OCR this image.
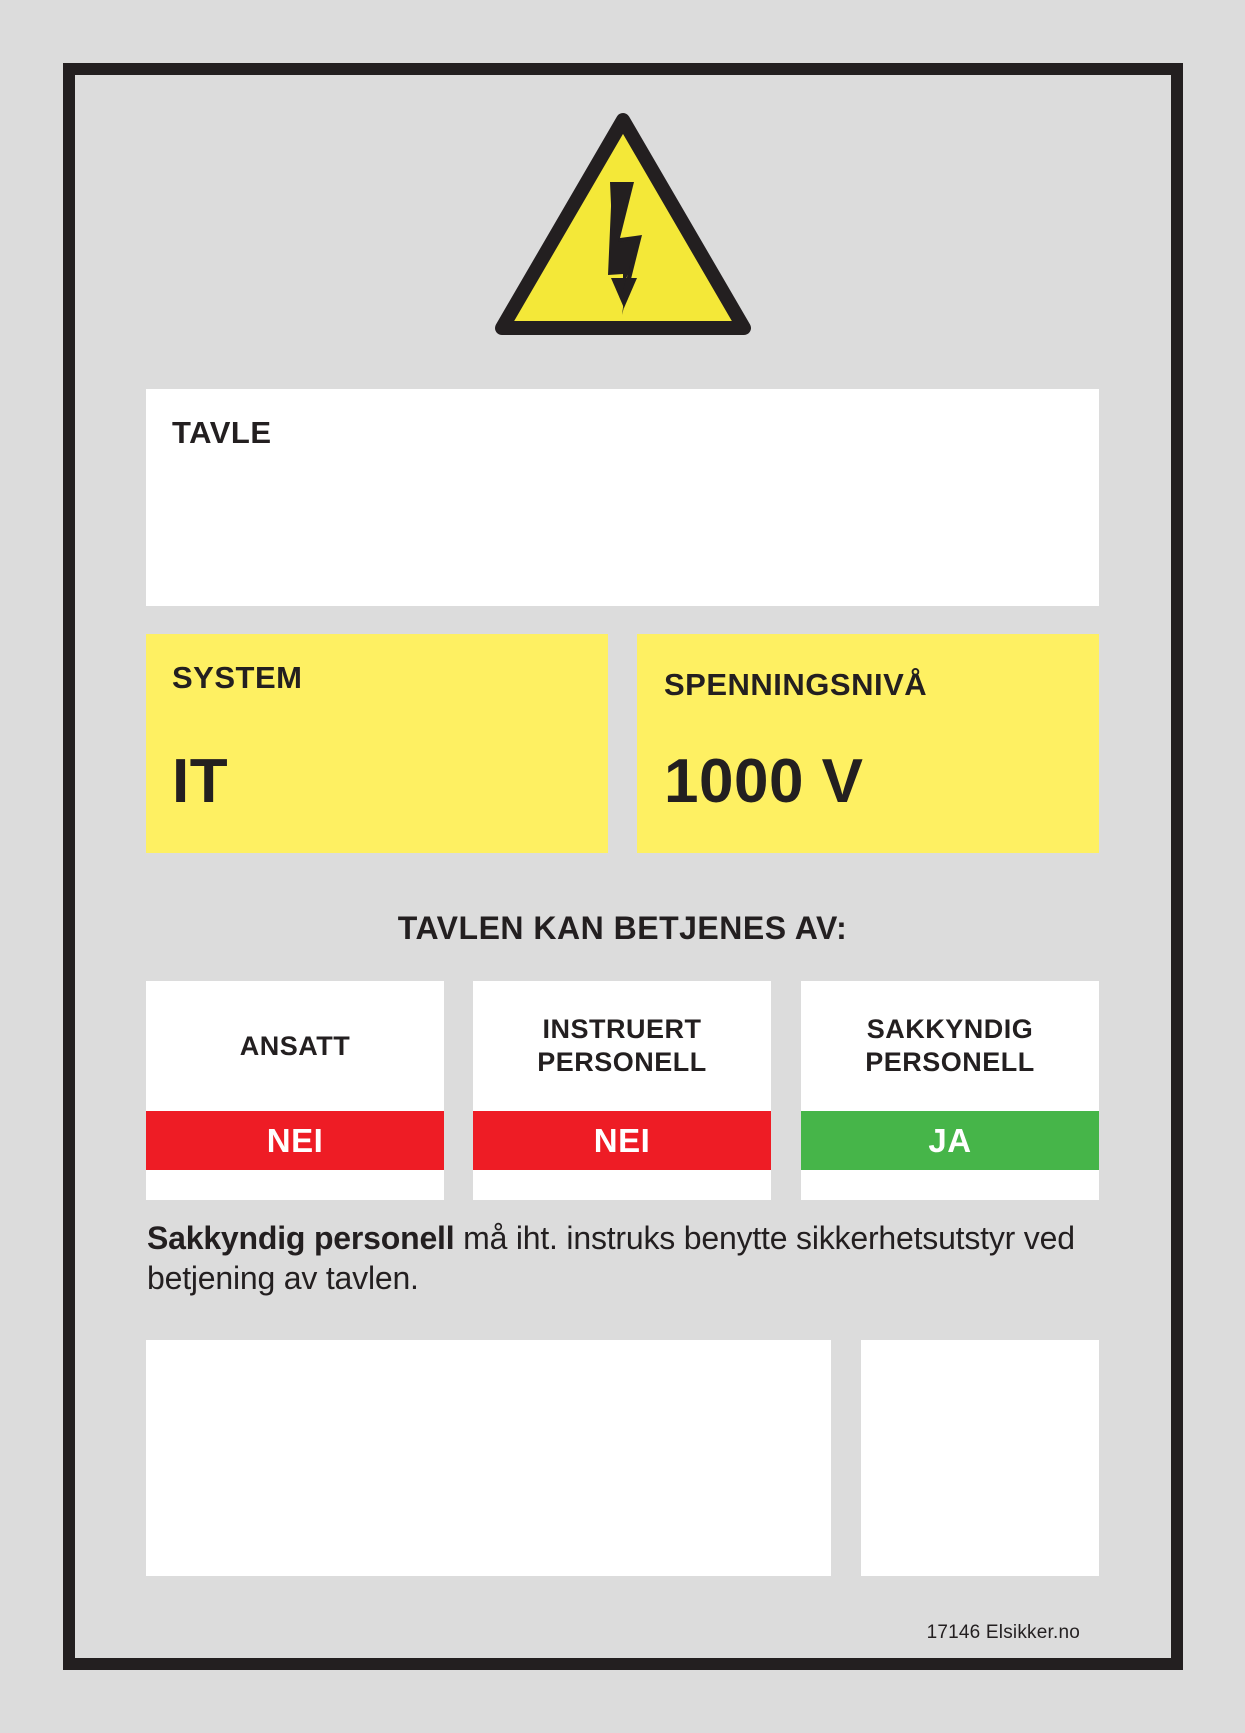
TAVLE
SYSTEM
IT
SPENNINGSNIVÅ
1000 V
TAVLEN KAN BETJENES AV:
ANSATT
NEI
INSTRUERT
PERSONELL
NEI
SAKKYNDIG
PERSONELL
JA
Sakkyndig personell må iht. instruks benytte sikkerhetsutstyr ved betjening av tavlen.
17146 Elsikker.no
